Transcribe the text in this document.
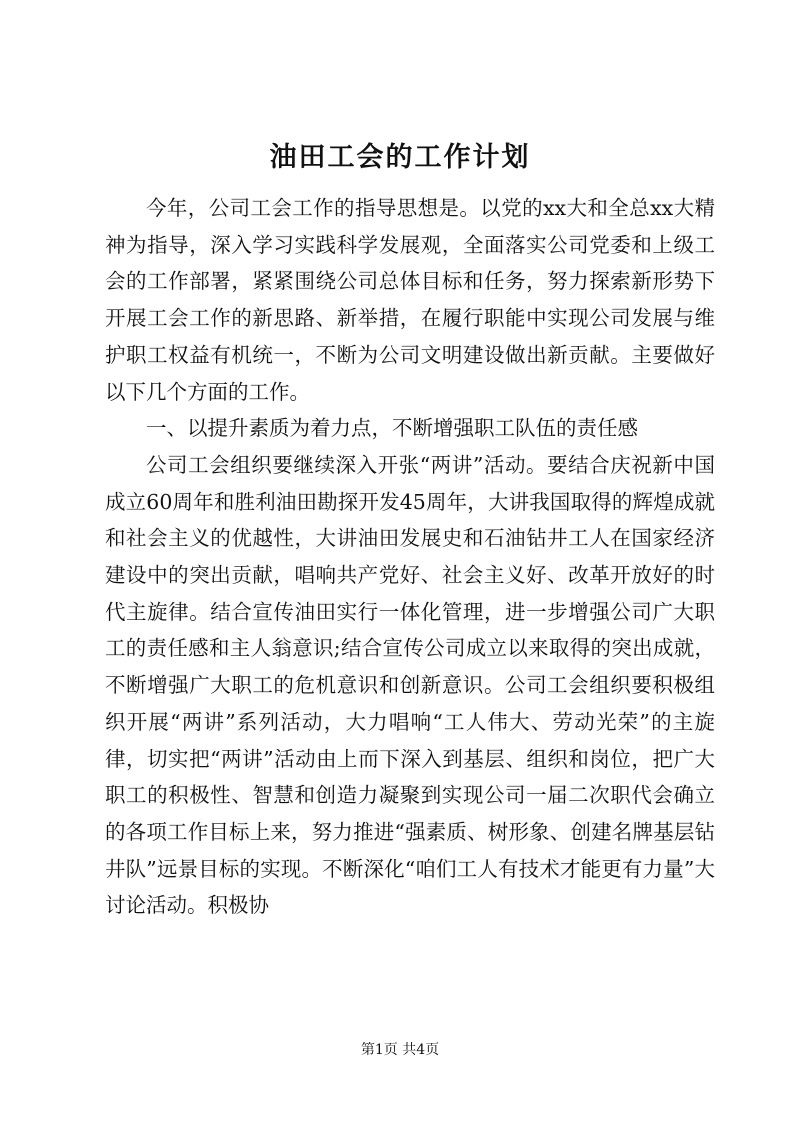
油田工会的工作计划

今年，公司工会工作的指导思想是。以党的xx大和全总xx大精神为指导，深入学习实践科学发展观，全面落实公司党委和上级工会的工作部署，紧紧围绕公司总体目标和任务，努力探索新形势下开展工会工作的新思路、新举措，在履行职能中实现公司发展与维护职工权益有机统一，不断为公司文明建设做出新贡献。主要做好以下几个方面的工作。

一、以提升素质为着力点，不断增强职工队伍的责任感

公司工会组织要继续深入开张“两讲”活动。要结合庆祝新中国成立60周年和胜利油田勘探开发45周年，大讲我国取得的辉煌成就和社会主义的优越性，大讲油田发展史和石油钻井工人在国家经济建设中的突出贡献，唱响共产党好、社会主义好、改革开放好的时代主旋律。结合宣传油田实行一体化管理，进一步增强公司广大职工的责任感和主人翁意识;结合宣传公司成立以来取得的突出成就，不断增强广大职工的危机意识和创新意识。公司工会组织要积极组织开展“两讲”系列活动，大力唱响“工人伟大、劳动光荣”的主旋律，切实把“两讲”活动由上而下深入到基层、组织和岗位，把广大职工的积极性、智慧和创造力凝聚到实现公司一届二次职代会确立的各项工作目标上来，努力推进“强素质、树形象、创建名牌基层钻井队”远景目标的实现。不断深化“咱们工人有技术才能更有力量”大讨论活动。积极协

第1页 共4页
